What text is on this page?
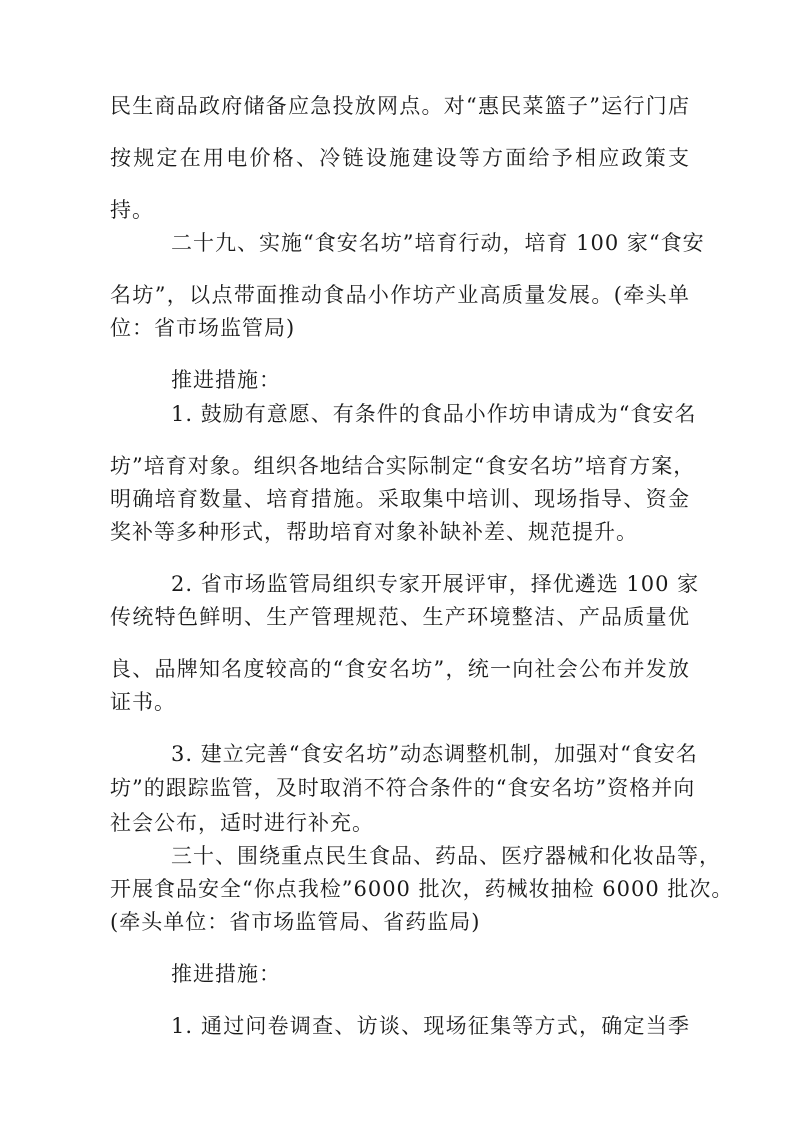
民生商品政府储备应急投放网点。对“惠民菜篮子”运行门店
按规定在用电价格、冷链设施建设等方面给予相应政策支
持。
二十九、实施“食安名坊”培育行动，培育 100 家“食安
名坊”，以点带面推动食品小作坊产业高质量发展。(牵头单
位：省市场监管局)
推进措施：
1. 鼓励有意愿、有条件的食品小作坊申请成为“食安名
坊”培育对象。组织各地结合实际制定“食安名坊”培育方案，
明确培育数量、培育措施。采取集中培训、现场指导、资金
奖补等多种形式，帮助培育对象补缺补差、规范提升。
2. 省市场监管局组织专家开展评审，择优遴选 100 家
传统特色鲜明、生产管理规范、生产环境整洁、产品质量优
良、品牌知名度较高的“食安名坊”，统一向社会公布并发放
证书。
3. 建立完善“食安名坊”动态调整机制，加强对“食安名
坊”的跟踪监管，及时取消不符合条件的“食安名坊”资格并向
社会公布，适时进行补充。
三十、围绕重点民生食品、药品、医疗器械和化妆品等，
开展食品安全“你点我检”6000 批次，药械妆抽检 6000 批次。
(牵头单位：省市场监管局、省药监局)
推进措施：
1. 通过问卷调查、访谈、现场征集等方式，确定当季
